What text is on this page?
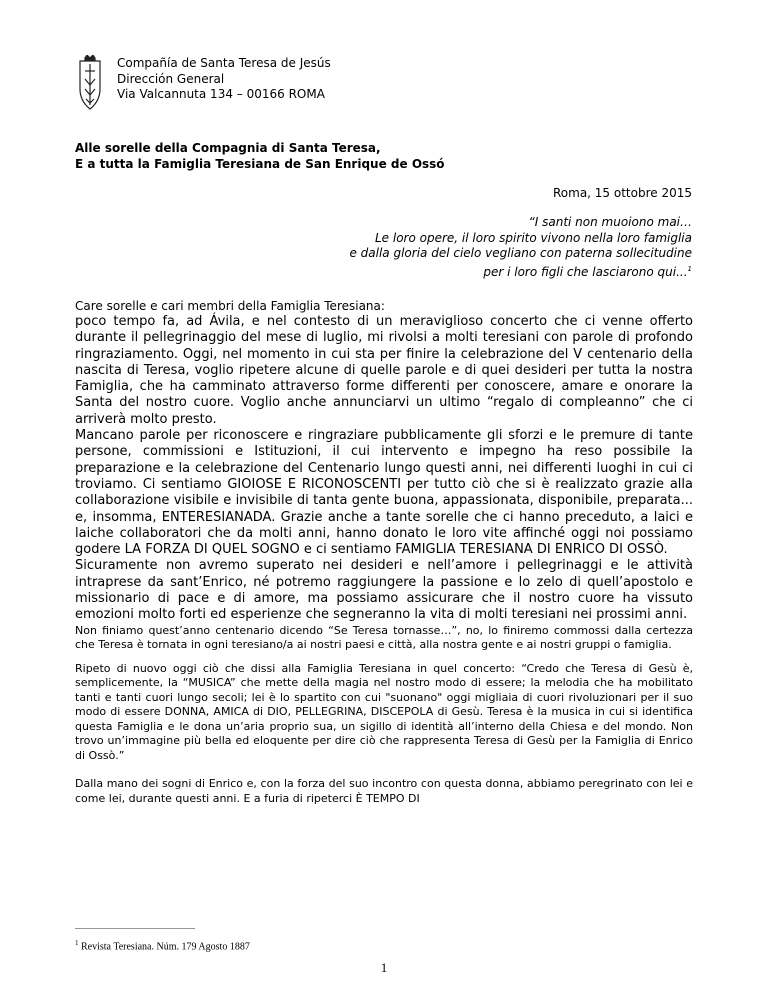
Compañía de Santa Teresa de Jesús
Dirección General
Via Valcannuta 134 – 00166 ROMA
Alle sorelle della Compagnia di Santa Teresa,
E a tutta la Famiglia Teresiana de San Enrique de Ossó
Roma, 15 ottobre 2015
“I santi non muoiono mai…
Le loro opere, il loro spirito vivono nella loro famiglia
e dalla gloria del cielo vegliano con paterna sollecitudine
per i loro figli che lasciarono qui...$^1$

Care sorelle e cari membri della Famiglia Teresiana:

poco tempo fa, ad Ávila, e nel contesto di un meraviglioso concerto che ci venne offerto durante il pellegrinaggio del mese di luglio, mi rivolsi a molti teresiani con parole di profondo ringraziamento. Oggi, nel momento in cui sta per finire la celebrazione del V centenario della nascita di Teresa, voglio ripetere alcune di quelle parole e di quei desideri per tutta la nostra Famiglia, che ha camminato attraverso forme differenti per conoscere, amare e onorare la Santa del nostro cuore. Voglio anche annunciarvi un ultimo “regalo di compleanno” che ci arriverà molto presto.

Mancano parole per riconoscere e ringraziare pubblicamente gli sforzi e le premure di tante persone, commissioni e Istituzioni, il cui intervento e impegno ha reso possibile la preparazione e la celebrazione del Centenario lungo questi anni, nei differenti luoghi in cui ci troviamo. Ci sentiamo GIOIOSE E RICONOSCENTI per tutto ciò che si è realizzato grazie alla collaborazione visibile e invisibile di tanta gente buona, appassionata, disponibile, preparata... e, insomma, ENTERESIANADA. Grazie anche a tante sorelle che ci hanno preceduto, a laici e laiche collaboratori che da molti anni, hanno donato le loro vite affinché oggi noi possiamo godere LA FORZA DI QUEL SOGNO e ci sentiamo FAMIGLIA TERESIANA DI ENRICO DI OSSÒ.

Sicuramente non avremo superato nei desideri e nell’amore i pellegrinaggi e le attività intraprese da sant’Enrico, né potremo raggiungere la passione e lo zelo di quell’apostolo e missionario di pace e di amore, ma possiamo assicurare che il nostro cuore ha vissuto emozioni molto forti ed esperienze che segneranno la vita di molti teresiani nei prossimi anni.

Non finiamo quest’anno centenario dicendo “Se Teresa tornasse…”, no, lo finiremo commossi dalla certezza che Teresa è tornata in ogni teresiano/a ai nostri paesi e città, alla nostra gente e ai nostri gruppi o famiglia.

Ripeto di nuovo oggi ciò che dissi alla Famiglia Teresiana in quel concerto: “Credo che Teresa di Gesù è, semplicemente, la “MUSICA” che mette della magia nel nostro modo di essere; la melodia che ha mobilitato tanti e tanti cuori lungo secoli; lei è lo spartito con cui "suonano" oggi migliaia di cuori rivoluzionari per il suo modo di essere DONNA, AMICA di DIO, PELLEGRINA, DISCEPOLA di Gesù. Teresa è la musica in cui si identifica questa Famiglia e le dona un’aria proprio sua, un sigillo di identità all’interno della Chiesa e del mondo. Non trovo un’immagine più bella ed eloquente per dire ciò che rappresenta Teresa di Gesù per la Famiglia di Enrico di Ossò.”

Dalla mano dei sogni di Enrico e, con la forza del suo incontro con questa donna, abbiamo peregrinato con lei e come lei, durante questi anni. E a furia di ripeterci È TEMPO DI

$^1$ Revista Teresiana. Núm. 179 Agosto 1887
1
